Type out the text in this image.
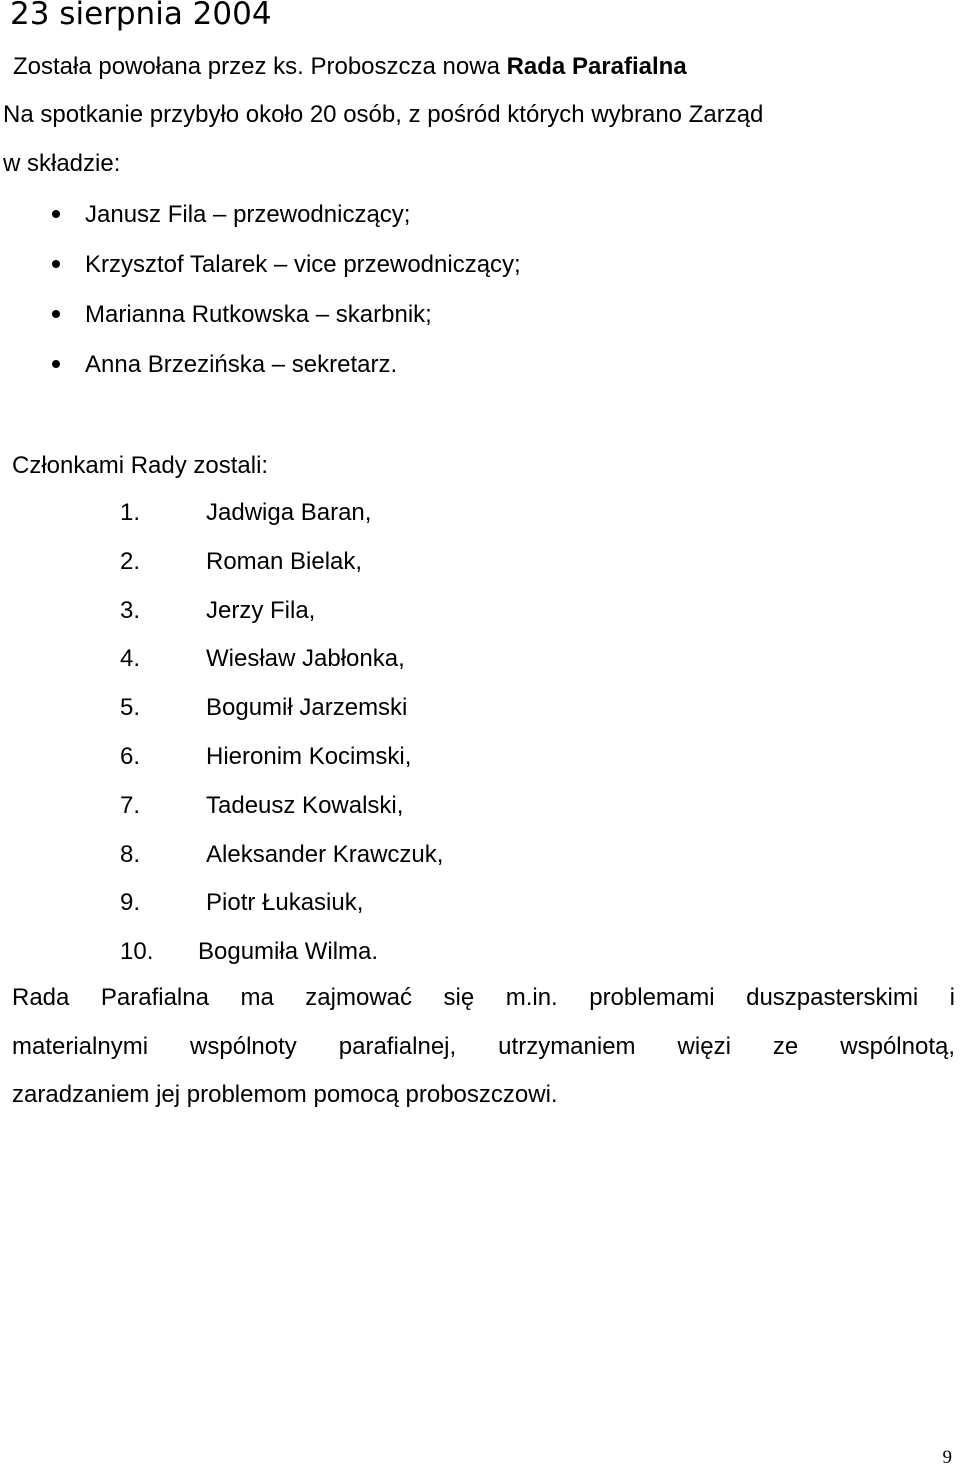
23 sierpnia 2004
Została powołana przez ks. Proboszcza nowa Rada Parafialna
Na spotkanie przybyło około 20 osób, z pośród których wybrano Zarząd
w składzie:
Janusz Fila – przewodniczący;
Krzysztof Talarek – vice przewodniczący;
Marianna Rutkowska – skarbnik;
Anna Brzezińska – sekretarz.
Członkami Rady zostali:
1.	Jadwiga Baran,
2.	Roman Bielak,
3.	Jerzy Fila,
4.	Wiesław Jabłonka,
5.	Bogumił Jarzemski
6.	Hieronim Kocimski,
7.	Tadeusz Kowalski,
8.	Aleksander Krawczuk,
9.	Piotr Łukasiuk,
10. Bogumiła Wilma.
Rada Parafialna ma zajmować się m.in. problemami duszpasterskimi i
materialnymi wspólnoty parafialnej, utrzymaniem więzi ze wspólnotą,
zaradzaniem jej problemom pomocą proboszczowi.
9
